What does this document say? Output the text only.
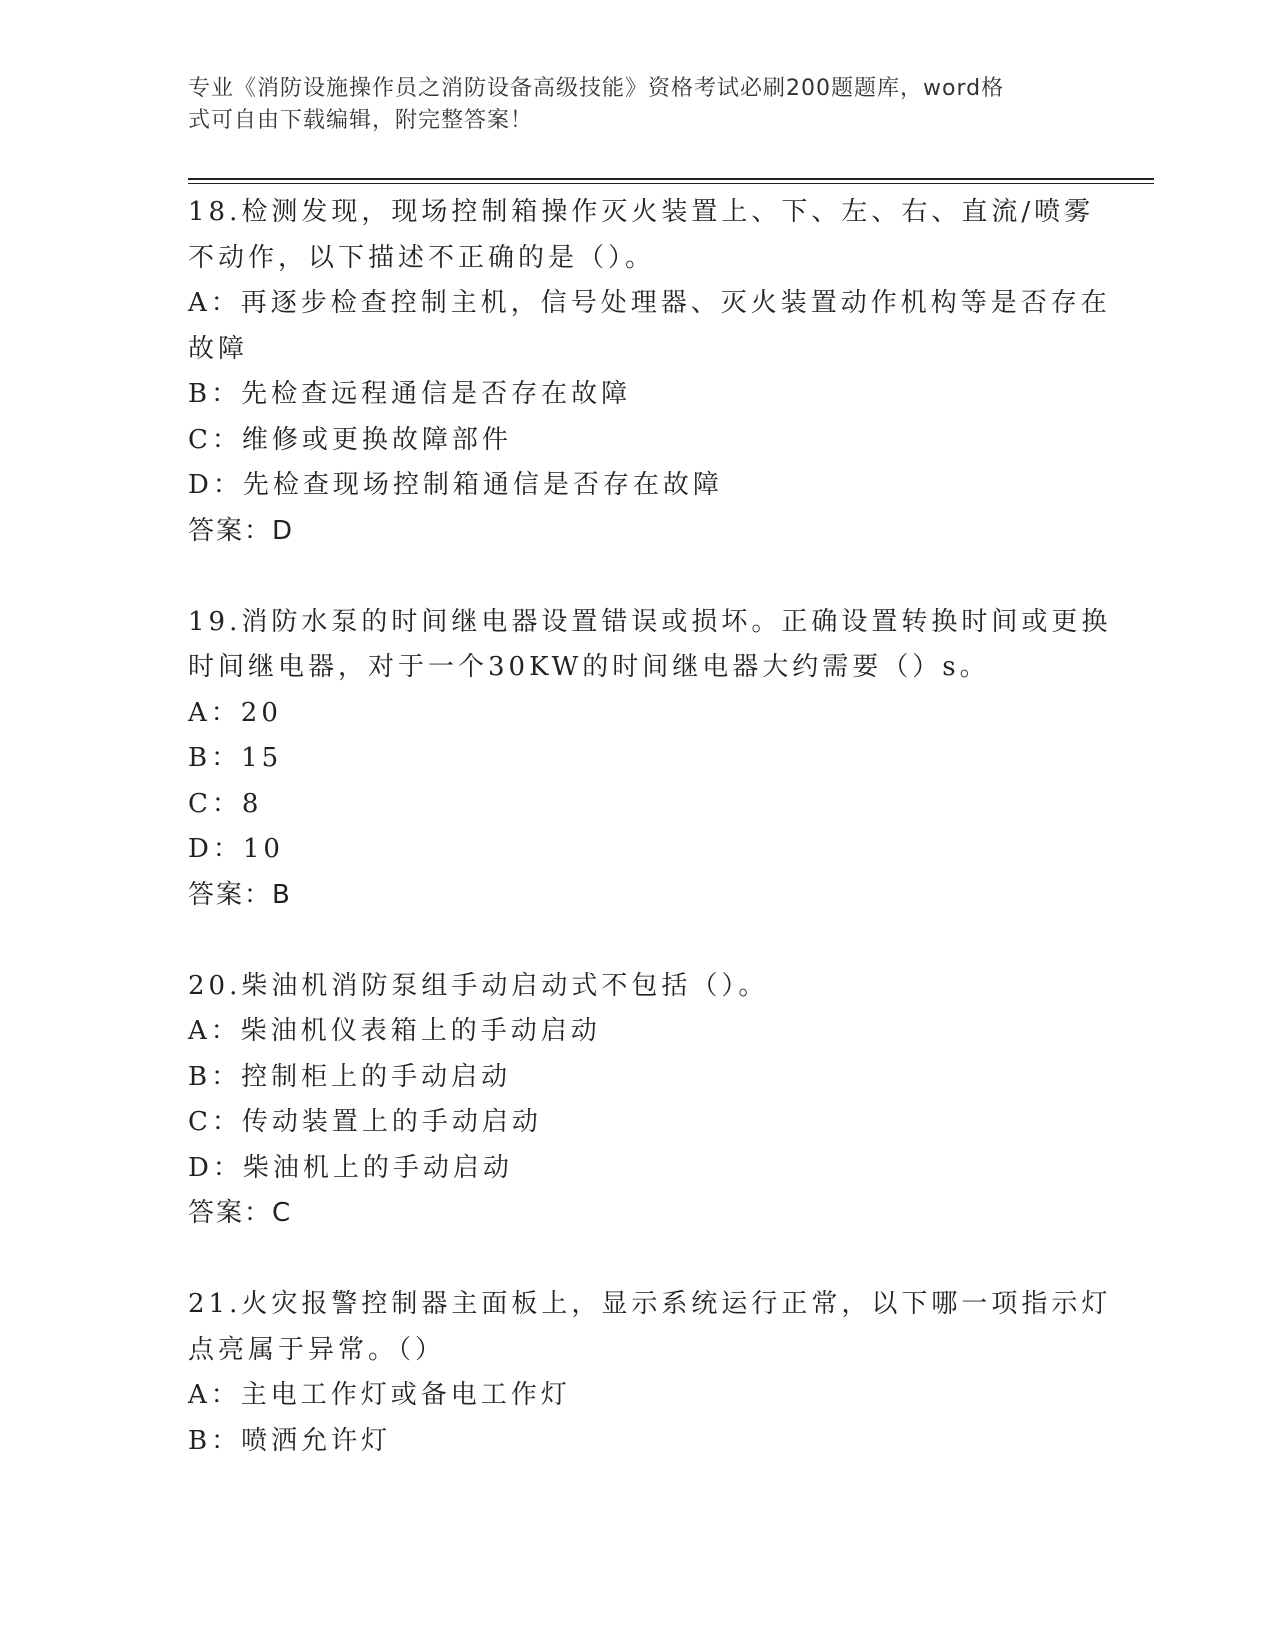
专业《消防设施操作员之消防设备高级技能》资格考试必刷200题题库，word格
式可自由下载编辑，附完整答案！
18.检测发现，现场控制箱操作灭火装置上、下、左、右、直流/喷雾
不动作，以下描述不正确的是（）。
A：再逐步检查控制主机，信号处理器、灭火装置动作机构等是否存在
故障
B：先检查远程通信是否存在故障
C：维修或更换故障部件
D：先检查现场控制箱通信是否存在故障
答案：D
19.消防水泵的时间继电器设置错误或损坏。正确设置转换时间或更换
时间继电器，对于一个30KW的时间继电器大约需要（）s。
A：20
B：15
C：8
D：10
答案：B
20.柴油机消防泵组手动启动式不包括（）。
A：柴油机仪表箱上的手动启动
B：控制柜上的手动启动
C：传动装置上的手动启动
D：柴油机上的手动启动
答案：C
21.火灾报警控制器主面板上，显示系统运行正常，以下哪一项指示灯
点亮属于异常。（）
A：主电工作灯或备电工作灯
B：喷洒允许灯
